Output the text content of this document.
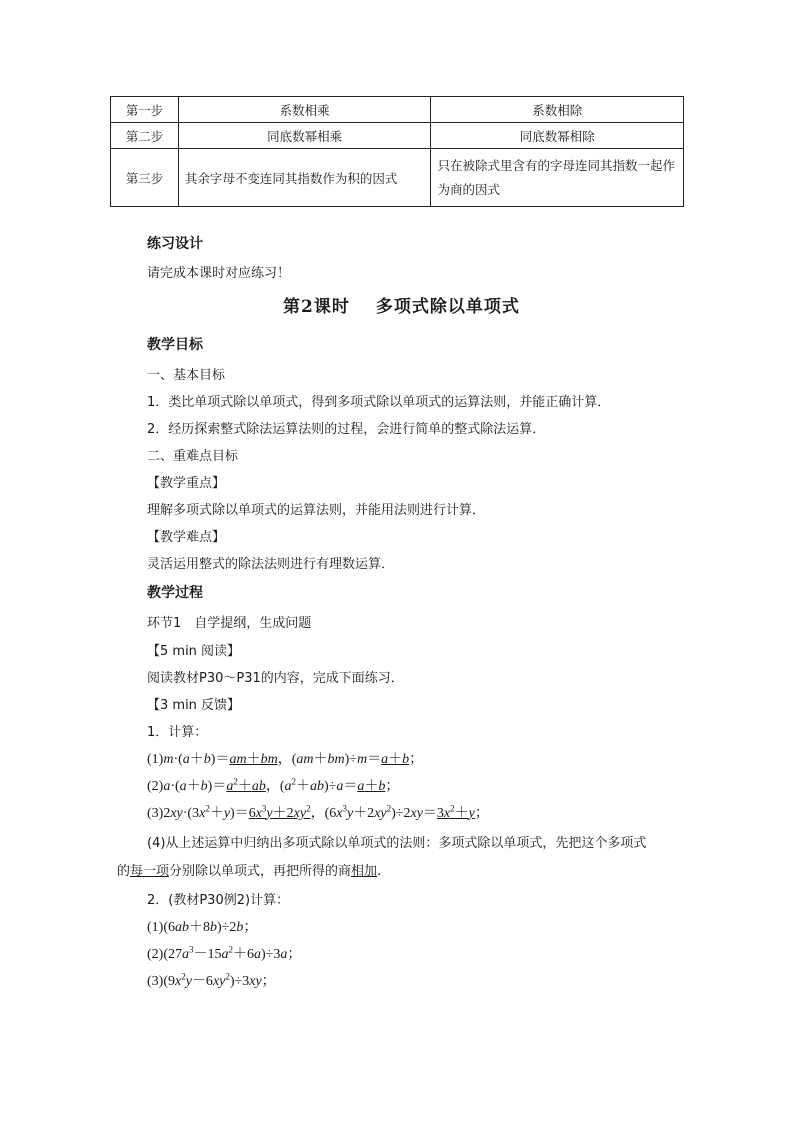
第一步	系数相乘	系数相除
第二步	同底数幂相乘	同底数幂相除
第三步	其余字母不变连同其指数作为积的因式	只在被除式里含有的字母连同其指数一起作为商的因式
练习设计
请完成本课时对应练习！
第2课时 多项式除以单项式
教学目标
一、基本目标
1．类比单项式除以单项式，得到多项式除以单项式的运算法则，并能正确计算．
2．经历探索整式除法运算法则的过程，会进行简单的整式除法运算．
二、重难点目标
【教学重点】
理解多项式除以单项式的运算法则，并能用法则进行计算．
【教学难点】
灵活运用整式的除法法则进行有理数运算．
教学过程
环节1　自学提纲，生成问题
【5 min 阅读】
阅读教材P30～P31的内容，完成下面练习．
【3 min 反馈】
1．计算：
(1)m·(a＋b)＝am＋bm，(am＋bm)÷m＝a＋b；
$(2)a\cdot(a+b)=a^2+ab$，$(a^2+ab)\div a=a+b$；
$(3)2xy\cdot(3x^2+y)=6x^3y+2xy^2$，$(6x^3y+2xy^2)\div 2xy=3x^2+y$；
(4)从上述运算中归纳出多项式除以单项式的法则：多项式除以单项式，先把这个多项式
的每一项分别除以单项式，再把所得的商相加.
2．(教材P30例2)计算：
(1)(6ab＋8b)÷2b；
$(2)(27a^3-15a^2+6a)\div 3a$；
$(3)(9x^2y-6xy^2)\div 3xy$；
